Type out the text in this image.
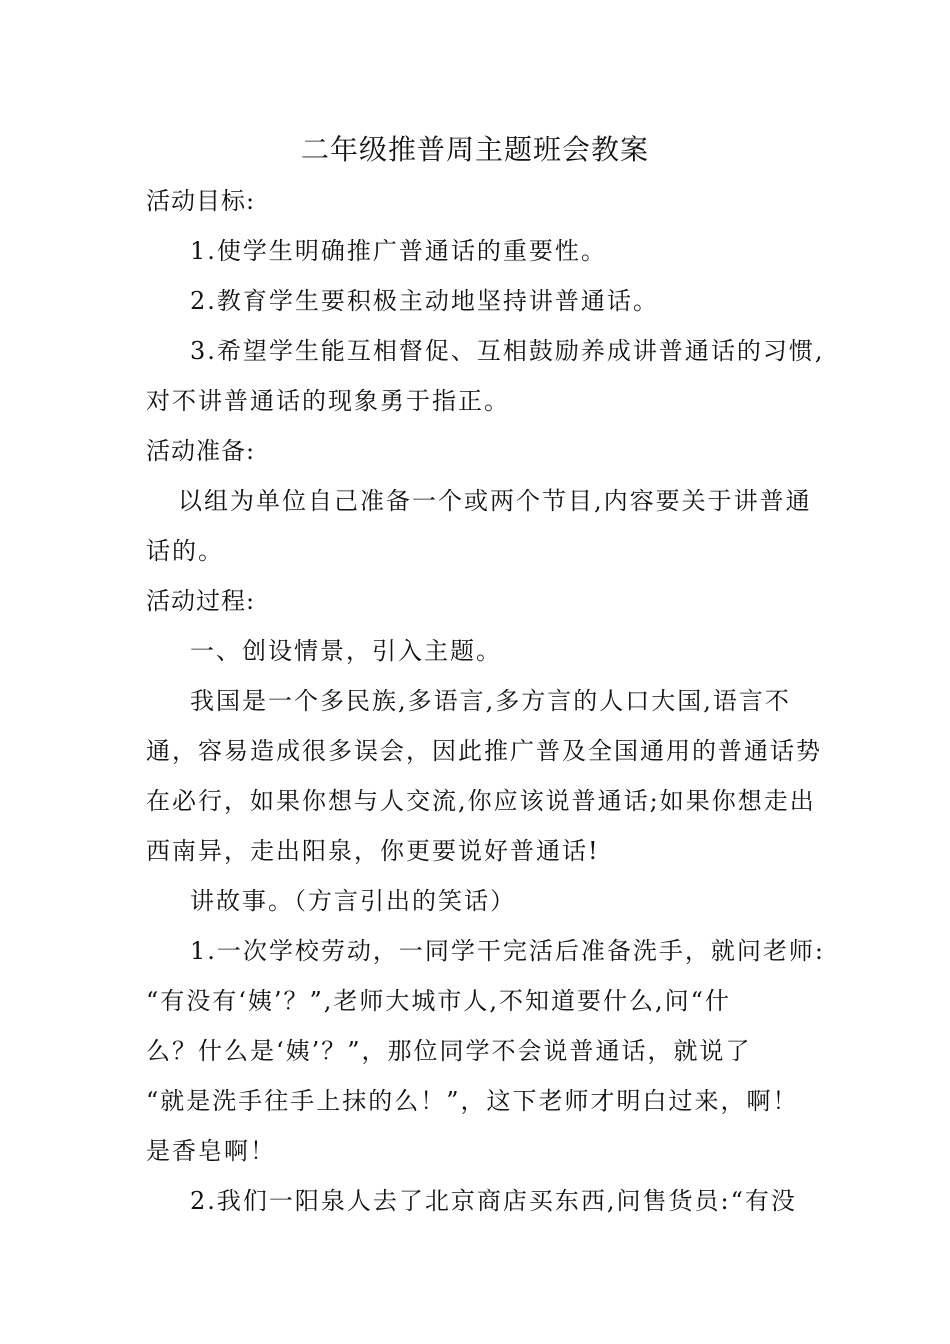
二年级推普周主题班会教案
活动目标:
1.使学生明确推广普通话的重要性。
2.教育学生要积极主动地坚持讲普通话。
3.希望学生能互相督促、互相鼓励养成讲普通话的习惯,
对不讲普通话的现象勇于指正。
活动准备:
以组为单位自己准备一个或两个节目,内容要关于讲普通
话的。
活动过程:
一、创设情景，引入主题。
我国是一个多民族,多语言,多方言的人口大国,语言不
通，容易造成很多误会，因此推广普及全国通用的普通话势
在必行，如果你想与人交流,你应该说普通话;如果你想走出
西南异，走出阳泉，你更要说好普通话!
讲故事。（方言引出的笑话）
1.一次学校劳动，一同学干完活后准备洗手，就问老师:
“有没有‘姨’？”,老师大城市人,不知道要什么,问“什
么？什么是‘姨’？”，那位同学不会说普通话，就说了
“就是洗手往手上抹的么！”，这下老师才明白过来，啊！
是香皂啊！
2.我们一阳泉人去了北京商店买东西,问售货员:“有没
